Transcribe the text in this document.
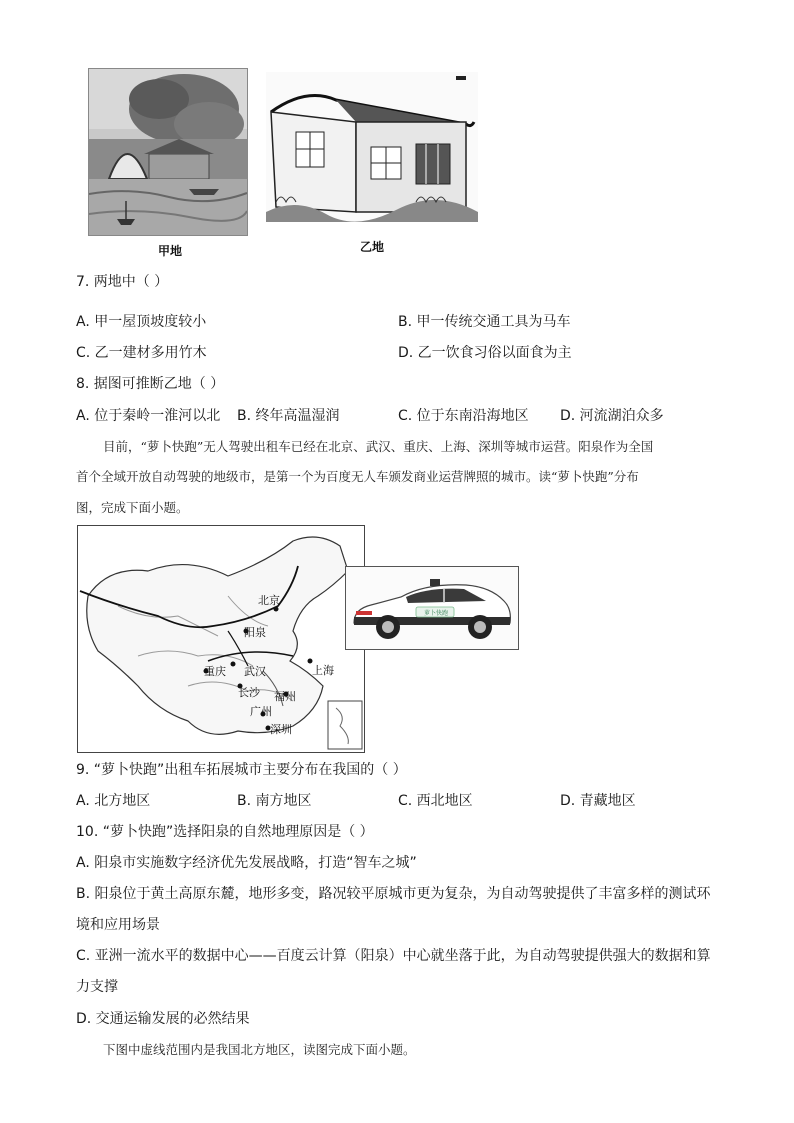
甲地	乙地
7. 两地中（ ）
A. 甲一屋顶坡度较小	B. 甲一传统交通工具为马车
C. 乙一建材多用竹木	D. 乙一饮食习俗以面食为主
8. 据图可推断乙地（ ）
A. 位于秦岭一淮河以北 B. 终年高温湿润	C. 位于东南沿海地区 D. 河流湖泊众多
目前，“萝卜快跑”无人驾驶出租车已经在北京、武汉、重庆、上海、深圳等城市运营。阳泉作为全国
首个全域开放自动驾驶的地级市，是第一个为百度无人车颁发商业运营牌照的城市。读“萝卜快跑”分布
图，完成下面小题。
北京
阳泉
重庆 武汉	上海
长沙 福州
广州
深圳
萝卜快跑
9. “萝卜快跑”出租车拓展城市主要分布在我国的（ ）
A. 北方地区	B. 南方地区	C. 西北地区	D. 青藏地区
10. “萝卜快跑”选择阳泉的自然地理原因是（ ）
A. 阳泉市实施数字经济优先发展战略，打造“智车之城”
B. 阳泉位于黄土高原东麓，地形多变，路况较平原城市更为复杂，为自动驾驶提供了丰富多样的测试环
境和应用场景
C. 亚洲一流水平的数据中心——百度云计算（阳泉）中心就坐落于此，为自动驾驶提供强大的数据和算
力支撑
D. 交通运输发展的必然结果
下图中虚线范围内是我国北方地区，读图完成下面小题。
